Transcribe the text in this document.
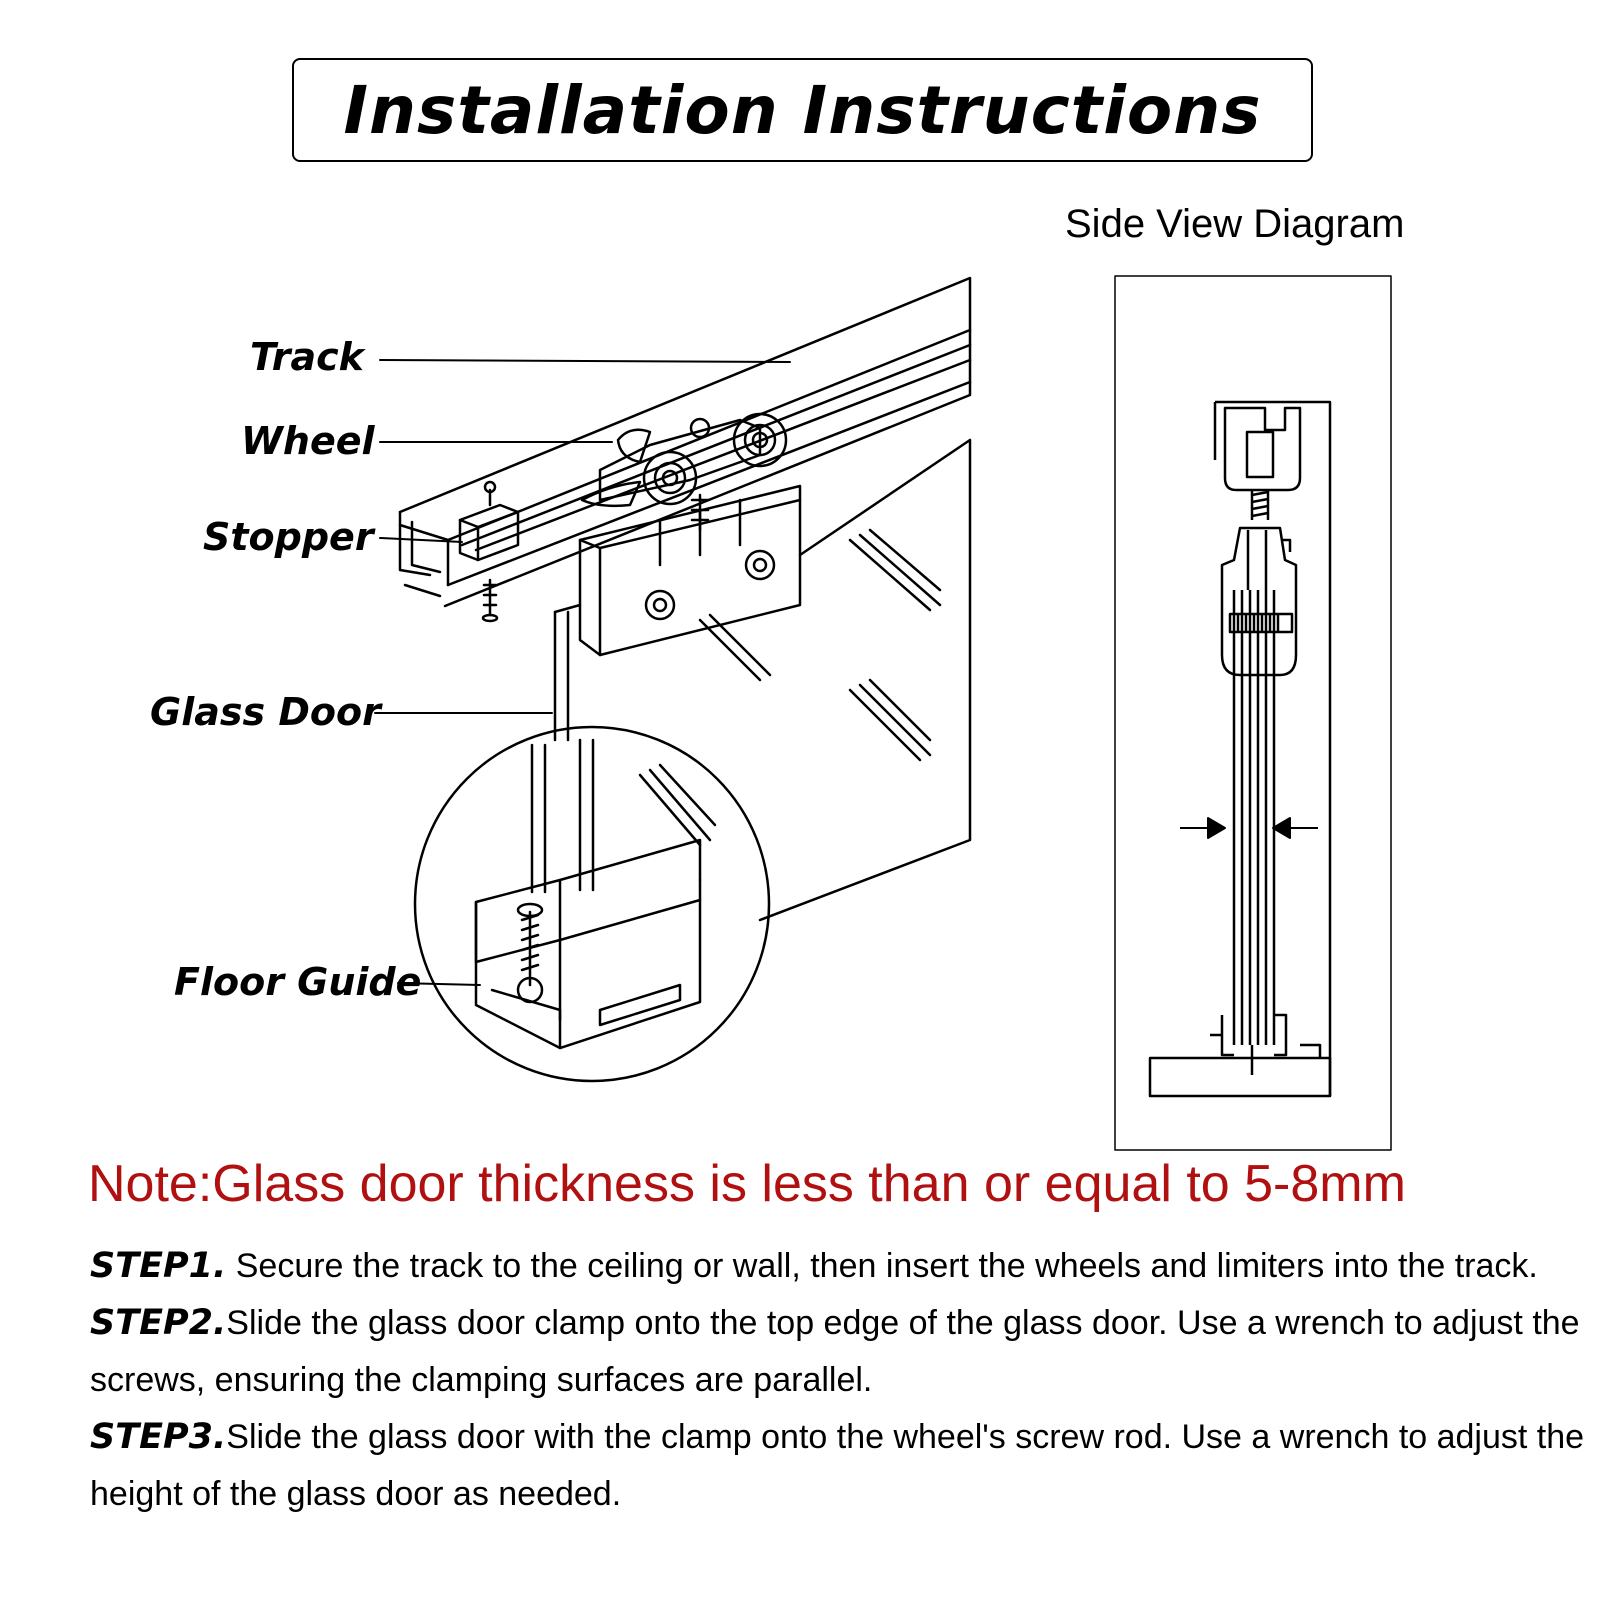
Installation Instructions
Track
Wheel
Stopper
Glass Door
Floor Guide
Side View Diagram
Note:Glass door thickness is less than or equal to 5-8mm
STEP1. Secure the track to the ceiling or wall, then insert the wheels and limiters into the track.
STEP2.Slide the glass door clamp onto the top edge of the glass door. Use a wrench to adjust the screws, ensuring the clamping surfaces are parallel.
STEP3.Slide the glass door with the clamp onto the wheel's screw rod. Use a wrench to adjust the height of the glass door as needed.
